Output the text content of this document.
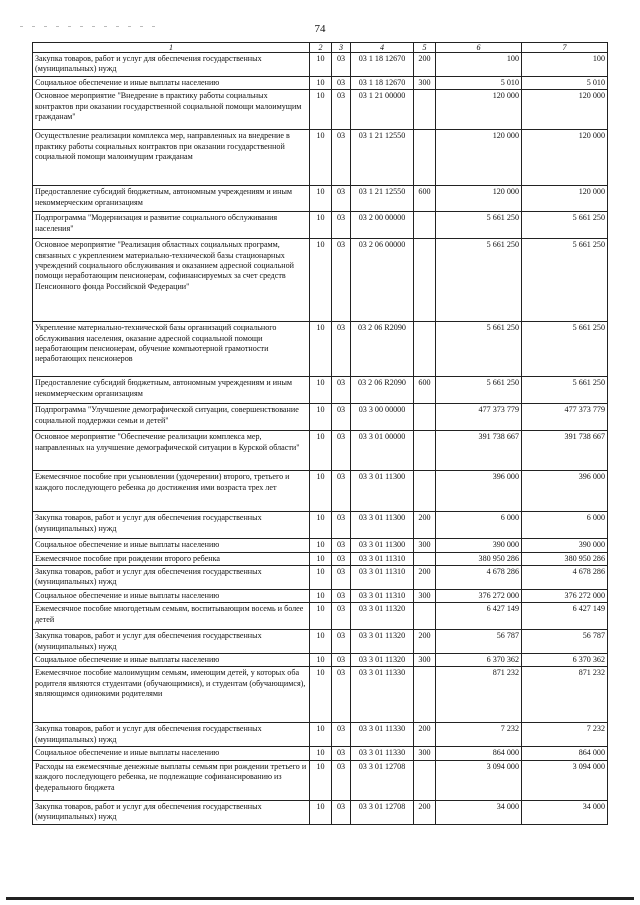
74
1	2	3	4	5	6	7
Закупка товаров, работ и услуг для обеспечения государственных (муниципальных) нужд	10	03	03 1 18 12670	200	100	100
Социальное обеспечение и иные выплаты населению	10	03	03 1 18 12670	300	5 010	5 010
Основное мероприятие "Внедрение в практику работы социальных контрактов при оказании государственной социальной помощи малоимущим гражданам"	10	03	03 1 21 00000		120 000	120 000
Осуществление реализации комплекса мер, направленных на внедрение в практику работы социальных контрактов при оказании государственной социальной помощи малоимущим гражданам	10	03	03 1 21 12550		120 000	120 000
Предоставление субсидий бюджетным, автономным учреждениям и иным некоммерческим организациям	10	03	03 1 21 12550	600	120 000	120 000
Подпрограмма "Модернизация и развитие социального обслуживания населения"	10	03	03 2 00 00000		5 661 250	5 661 250
Основное мероприятие "Реализация областных социальных программ, связанных с укреплением материально-технической базы стационарных учреждений социального обслуживания и оказанием адресной социальной помощи неработающим пенсионерам, софинансируемых за счет средств Пенсионного фонда Российской Федерации"	10	03	03 2 06 00000		5 661 250	5 661 250
Укрепление материально-технической базы организаций социального обслуживания населения, оказание адресной социальной помощи неработающим пенсионерам, обучение компьютерной грамотности неработающих пенсионеров	10	03	03 2 06 R2090		5 661 250	5 661 250
Предоставление субсидий бюджетным, автономным учреждениям и иным некоммерческим организациям	10	03	03 2 06 R2090	600	5 661 250	5 661 250
Подпрограмма "Улучшение демографической ситуации, совершенствование социальной поддержки семьи и детей"	10	03	03 3 00 00000		477 373 779	477 373 779
Основное мероприятие "Обеспечение реализации комплекса мер, направленных на улучшение демографической ситуации в Курской области"	10	03	03 3 01 00000		391 738 667	391 738 667
Ежемесячное пособие при усыновлении (удочерении) второго, третьего и каждого последующего ребенка до достижения ими возраста трех лет	10	03	03 3 01 11300		396 000	396 000
Закупка товаров, работ и услуг для обеспечения государственных (муниципальных) нужд	10	03	03 3 01 11300	200	6 000	6 000
Социальное обеспечение и иные выплаты населению	10	03	03 3 01 11300	300	390 000	390 000
Ежемесячное пособие при рождении второго ребенка	10	03	03 3 01 11310		380 950 286	380 950 286
Закупка товаров, работ и услуг для обеспечения государственных (муниципальных) нужд	10	03	03 3 01 11310	200	4 678 286	4 678 286
Социальное обеспечение и иные выплаты населению	10	03	03 3 01 11310	300	376 272 000	376 272 000
Ежемесячное пособие многодетным семьям, воспитывающим восемь и более детей	10	03	03 3 01 11320		6 427 149	6 427 149
Закупка товаров, работ и услуг для обеспечения государственных (муниципальных) нужд	10	03	03 3 01 11320	200	56 787	56 787
Социальное обеспечение и иные выплаты населению	10	03	03 3 01 11320	300	6 370 362	6 370 362
Ежемесячное пособие малоимущим семьям, имеющим детей, у которых оба родителя являются студентами (обучающимися), и студентам (обучающимся), являющимся одинокими родителями	10	03	03 3 01 11330		871 232	871 232
Закупка товаров, работ и услуг для обеспечения государственных (муниципальных) нужд	10	03	03 3 01 11330	200	7 232	7 232
Социальное обеспечение и иные выплаты населению	10	03	03 3 01 11330	300	864 000	864 000
Расходы на ежемесячные денежные выплаты семьям при рождении третьего и каждого последующего ребенка, не подлежащие софинансированию из федерального бюджета	10	03	03 3 01 12708		3 094 000	3 094 000
Закупка товаров, работ и услуг для обеспечения государственных (муниципальных) нужд	10	03	03 3 01 12708	200	34 000	34 000
